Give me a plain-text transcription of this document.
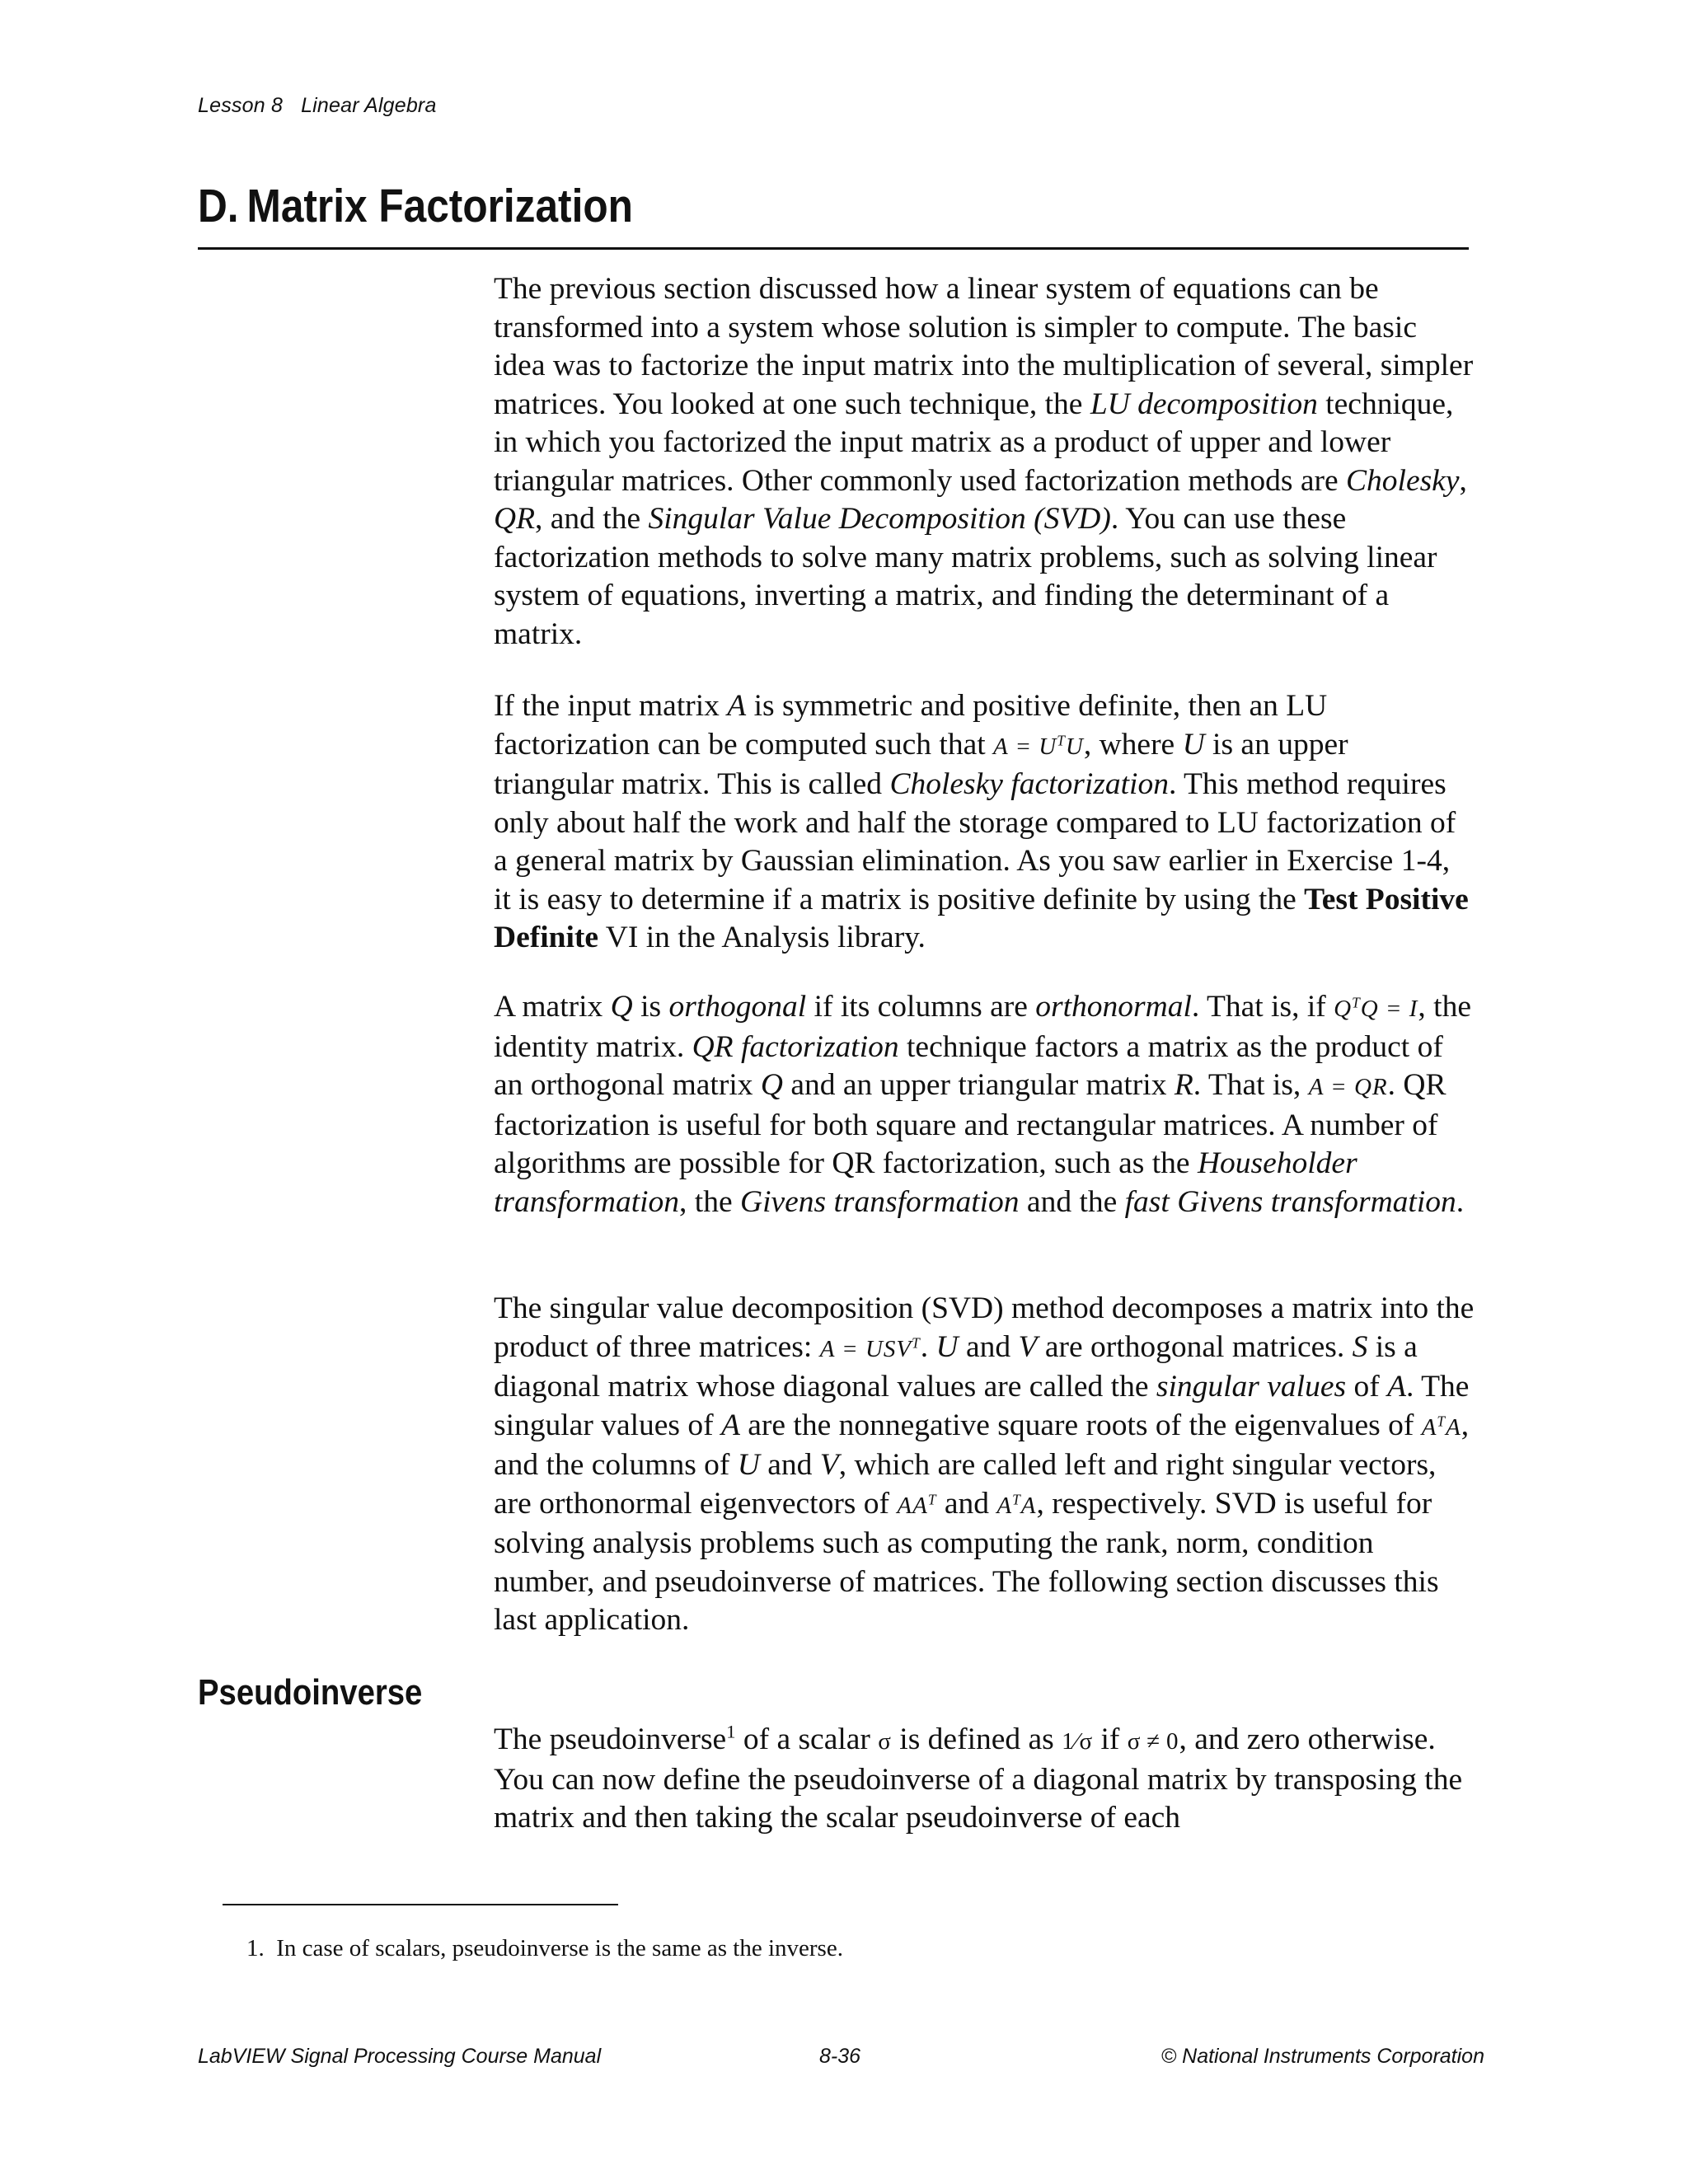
Lesson 8 Linear Algebra
D. Matrix Factorization

The previous section discussed how a linear system of equations can be transformed into a system whose solution is simpler to compute. The basic idea was to factorize the input matrix into the multiplication of several, simpler matrices. You looked at one such technique, the LU decomposition technique, in which you factorized the input matrix as a product of upper and lower triangular matrices. Other commonly used factorization methods are Cholesky, QR, and the Singular Value Decomposition (SVD). You can use these factorization methods to solve many matrix problems, such as solving linear system of equations, inverting a matrix, and finding the determinant of a matrix.

If the input matrix A is symmetric and positive definite, then an LU factorization can be computed such that $A = U^TU$, where U is an upper triangular matrix. This is called Cholesky factorization. This method requires only about half the work and half the storage compared to LU factorization of a general matrix by Gaussian elimination. As you saw earlier in Exercise 1-4, it is easy to determine if a matrix is positive definite by using the Test Positive Definite VI in the Analysis library.

A matrix Q is orthogonal if its columns are orthonormal. That is, if $Q^TQ = I$, the identity matrix. QR factorization technique factors a matrix as the product of an orthogonal matrix Q and an upper triangular matrix R. That is, A = QR. QR factorization is useful for both square and rectangular matrices. A number of algorithms are possible for QR factorization, such as the Householder transformation, the Givens transformation and the fast Givens transformation.

The singular value decomposition (SVD) method decomposes a matrix into the product of three matrices: $A = USV^T$. U and V are orthogonal matrices. S is a diagonal matrix whose diagonal values are called the singular values of A. The singular values of A are the nonnegative square roots of the eigenvalues of $A^TA$, and the columns of U and V, which are called left and right singular vectors, are orthonormal eigenvectors of $AA^T$ and $A^TA$, respectively. SVD is useful for solving analysis problems such as computing the rank, norm, condition number, and pseudoinverse of matrices. The following section discusses this last application.

Pseudoinverse

The pseudoinverse$^1$ of a scalar σ is defined as 1⁄σ if σ ≠ 0, and zero otherwise. You can now define the pseudoinverse of a diagonal matrix by transposing the matrix and then taking the scalar pseudoinverse of each

1. In case of scalars, pseudoinverse is the same as the inverse.

LabVIEW Signal Processing Course Manual	8-36	© National Instruments Corporation
